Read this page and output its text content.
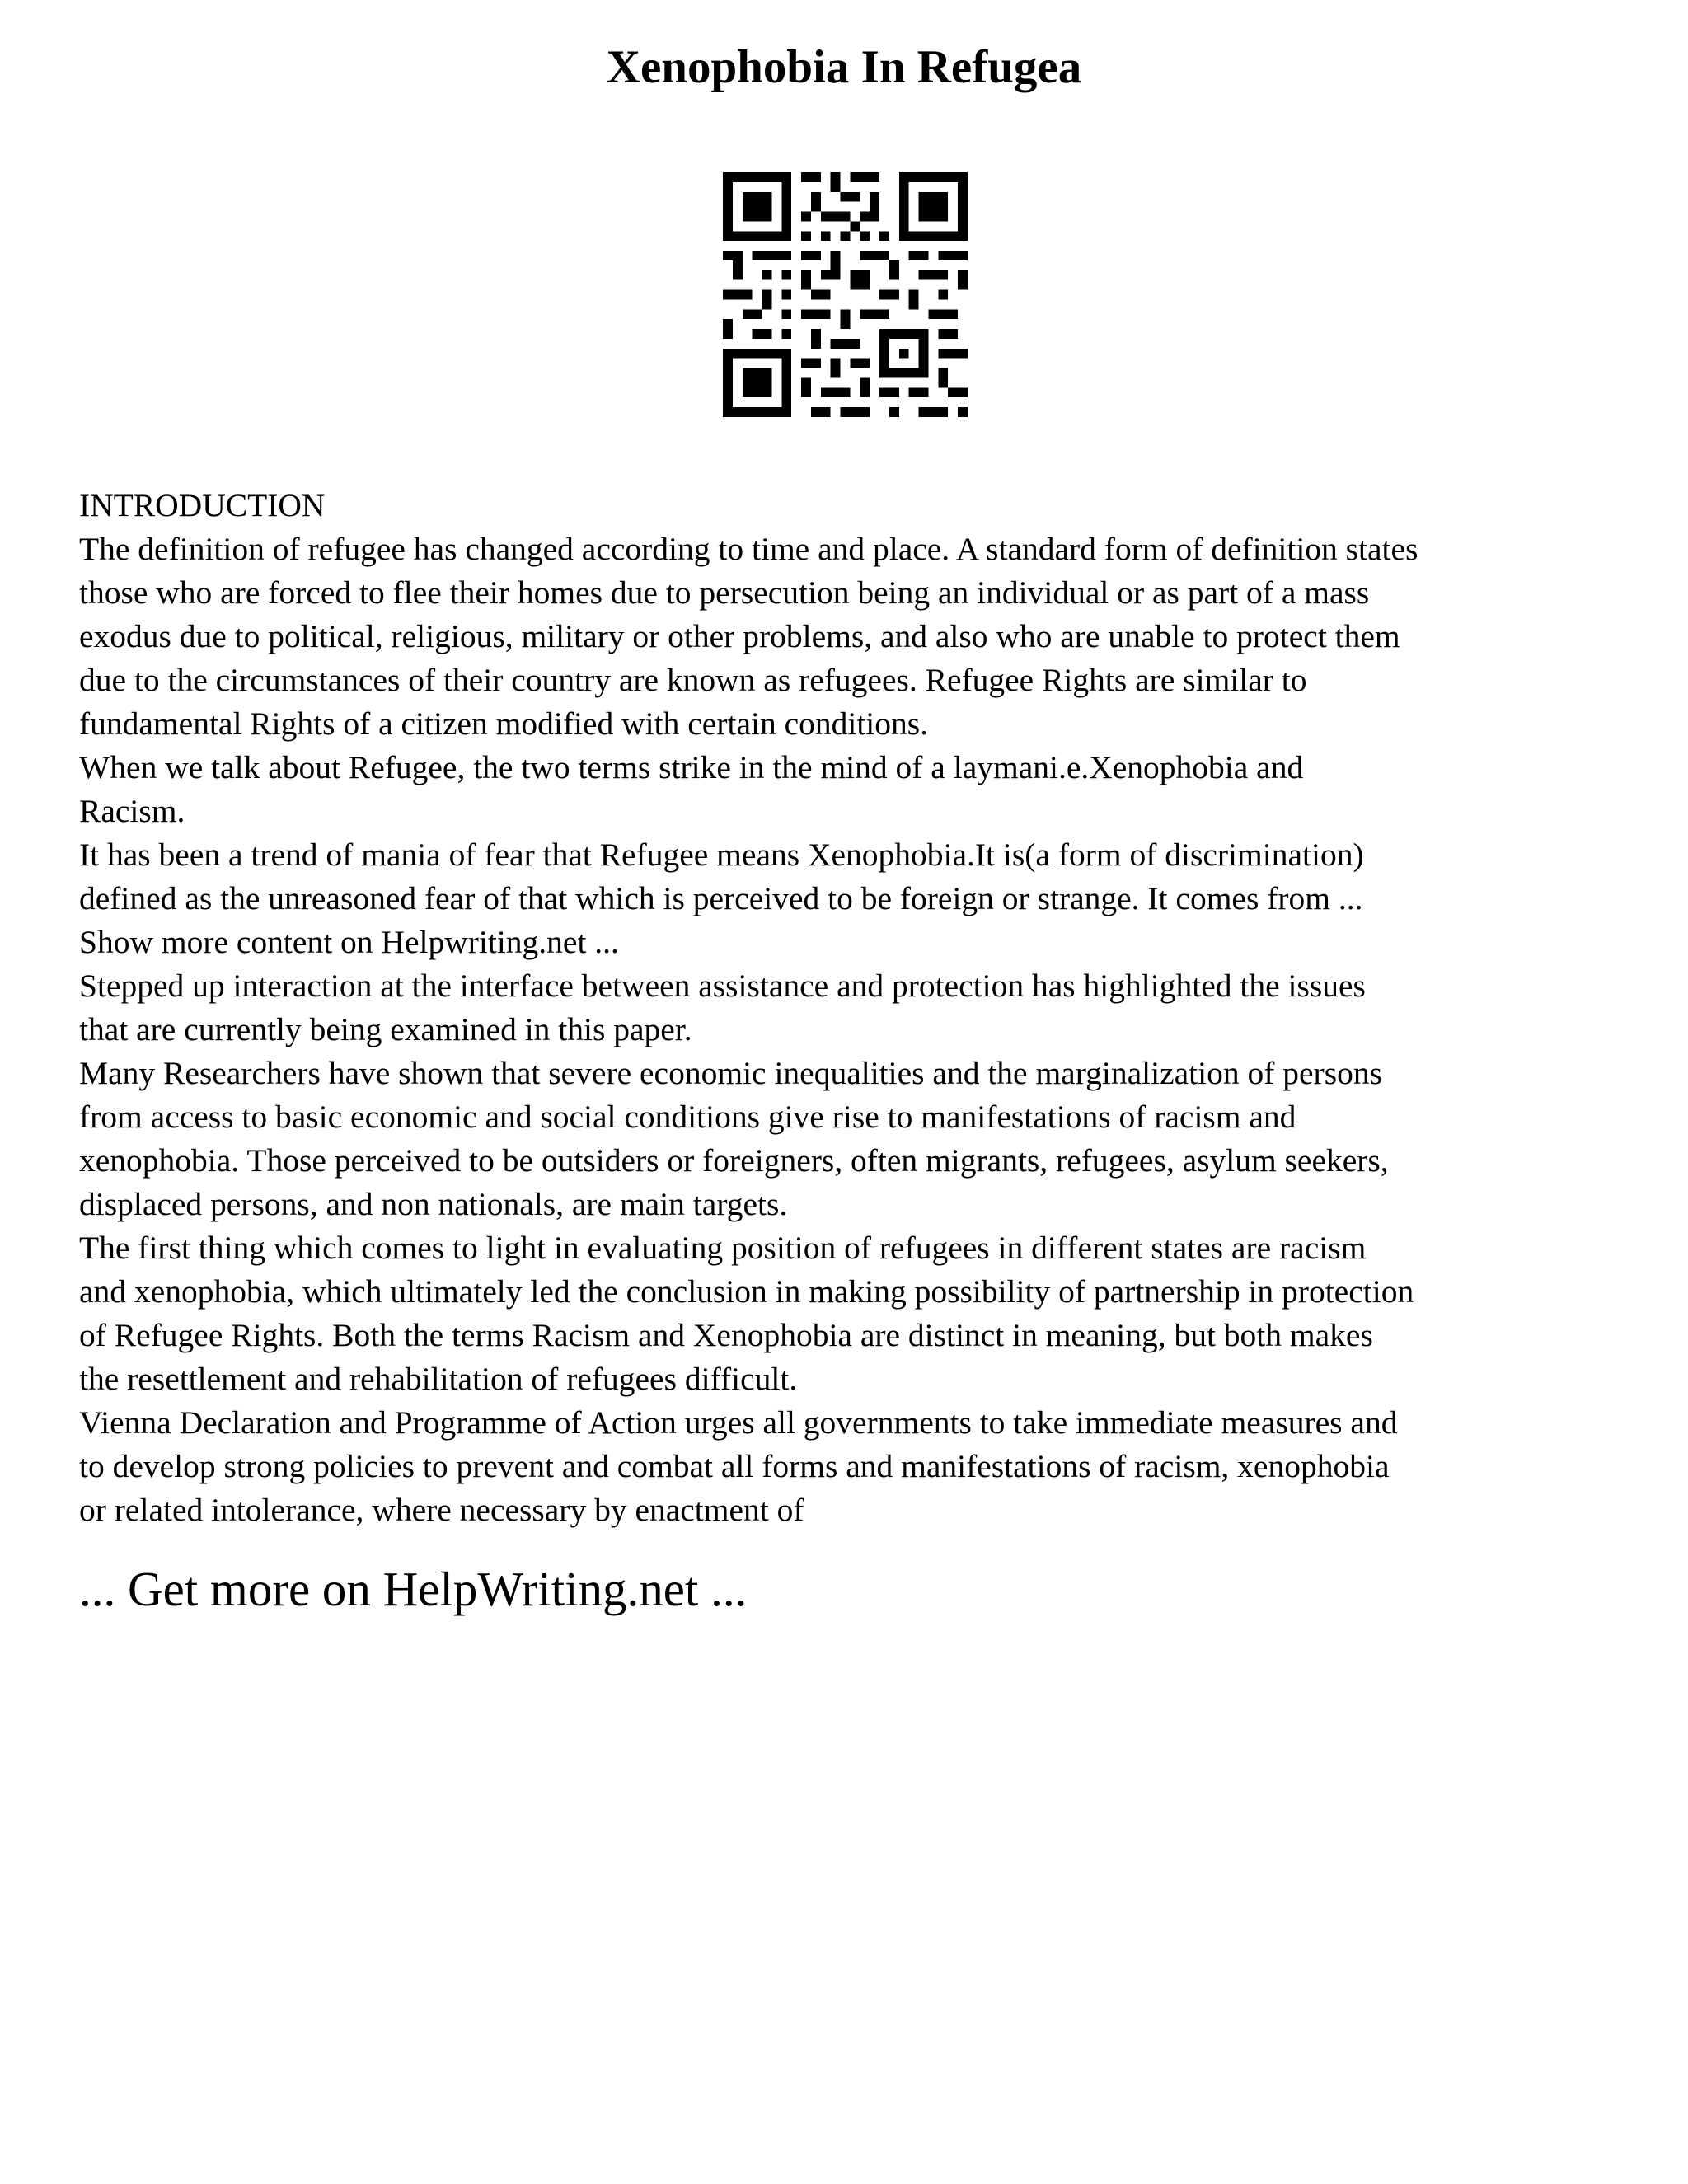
Xenophobia In Refugea
INTRODUCTION
The definition of refugee has changed according to time and place. A standard form of definition states
those who are forced to flee their homes due to persecution being an individual or as part of a mass
exodus due to political, religious, military or other problems, and also who are unable to protect them
due to the circumstances of their country are known as refugees. Refugee Rights are similar to
fundamental Rights of a citizen modified with certain conditions.
When we talk about Refugee, the two terms strike in the mind of a laymani.e.Xenophobia and
Racism.
It has been a trend of mania of fear that Refugee means Xenophobia.It is(a form of discrimination)
defined as the unreasoned fear of that which is perceived to be foreign or strange. It comes from ...
Show more content on Helpwriting.net ...
Stepped up interaction at the interface between assistance and protection has highlighted the issues
that are currently being examined in this paper.
Many Researchers have shown that severe economic inequalities and the marginalization of persons
from access to basic economic and social conditions give rise to manifestations of racism and
xenophobia. Those perceived to be outsiders or foreigners, often migrants, refugees, asylum seekers,
displaced persons, and non nationals, are main targets.
The first thing which comes to light in evaluating position of refugees in different states are racism
and xenophobia, which ultimately led the conclusion in making possibility of partnership in protection
of Refugee Rights. Both the terms Racism and Xenophobia are distinct in meaning, but both makes
the resettlement and rehabilitation of refugees difficult.
Vienna Declaration and Programme of Action urges all governments to take immediate measures and
to develop strong policies to prevent and combat all forms and manifestations of racism, xenophobia
or related intolerance, where necessary by enactment of
... Get more on HelpWriting.net ...
